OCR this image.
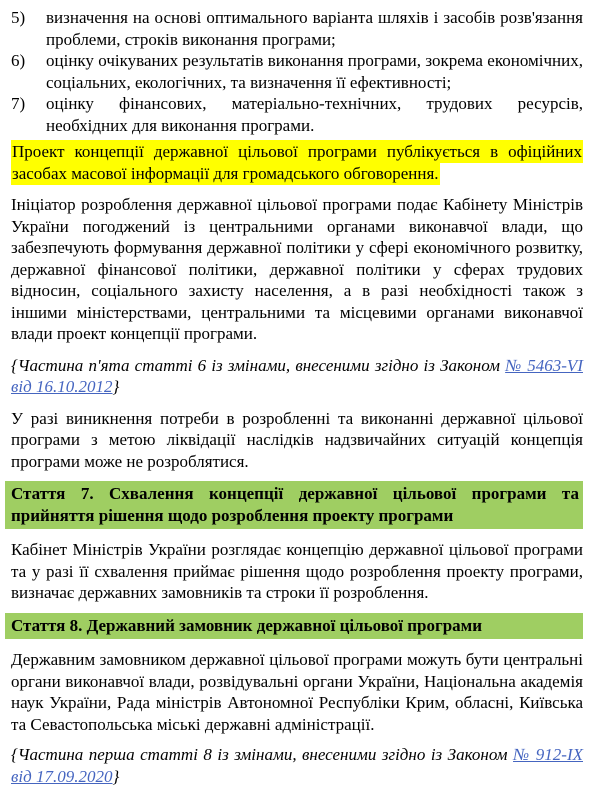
5) визначення на основі оптимального варіанта шляхів і засобів розв'язання проблеми, строків виконання програми;
6) оцінку очікуваних результатів виконання програми, зокрема економічних, соціальних, екологічних, та визначення її ефективності;
7) оцінку фінансових, матеріально-технічних, трудових ресурсів, необхідних для виконання програми.

Проект концепції державної цільової програми публікується в офіційних засобах масової інформації для громадського обговорення.

Ініціатор розроблення державної цільової програми подає Кабінету Міністрів України погоджений із центральними органами виконавчої влади, що забезпечують формування державної політики у сфері економічного розвитку, державної фінансової політики, державної політики у сферах трудових відносин, соціального захисту населення, а в разі необхідності також з іншими міністерствами, центральними та місцевими органами виконавчої влади проект концепції програми.

{Частина п'ята статті 6 із змінами, внесеними згідно із Законом № 5463-VI від 16.10.2012}

У разі виникнення потреби в розробленні та виконанні державної цільової програми з метою ліквідації наслідків надзвичайних ситуацій концепція програми може не розроблятися.

Стаття 7. Схвалення концепції державної цільової програми та прийняття рішення щодо розроблення проекту програми

Кабінет Міністрів України розглядає концепцію державної цільової програми та у разі її схвалення приймає рішення щодо розроблення проекту програми, визначає державних замовників та строки її розроблення.

Стаття 8. Державний замовник державної цільової програми

Державним замовником державної цільової програми можуть бути центральні органи виконавчої влади, розвідувальні органи України, Національна академія наук України, Рада міністрів Автономної Республіки Крим, обласні, Київська та Севастопольська міські державні адміністрації.

{Частина перша статті 8 із змінами, внесеними згідно із Законом № 912-IX від 17.09.2020}
